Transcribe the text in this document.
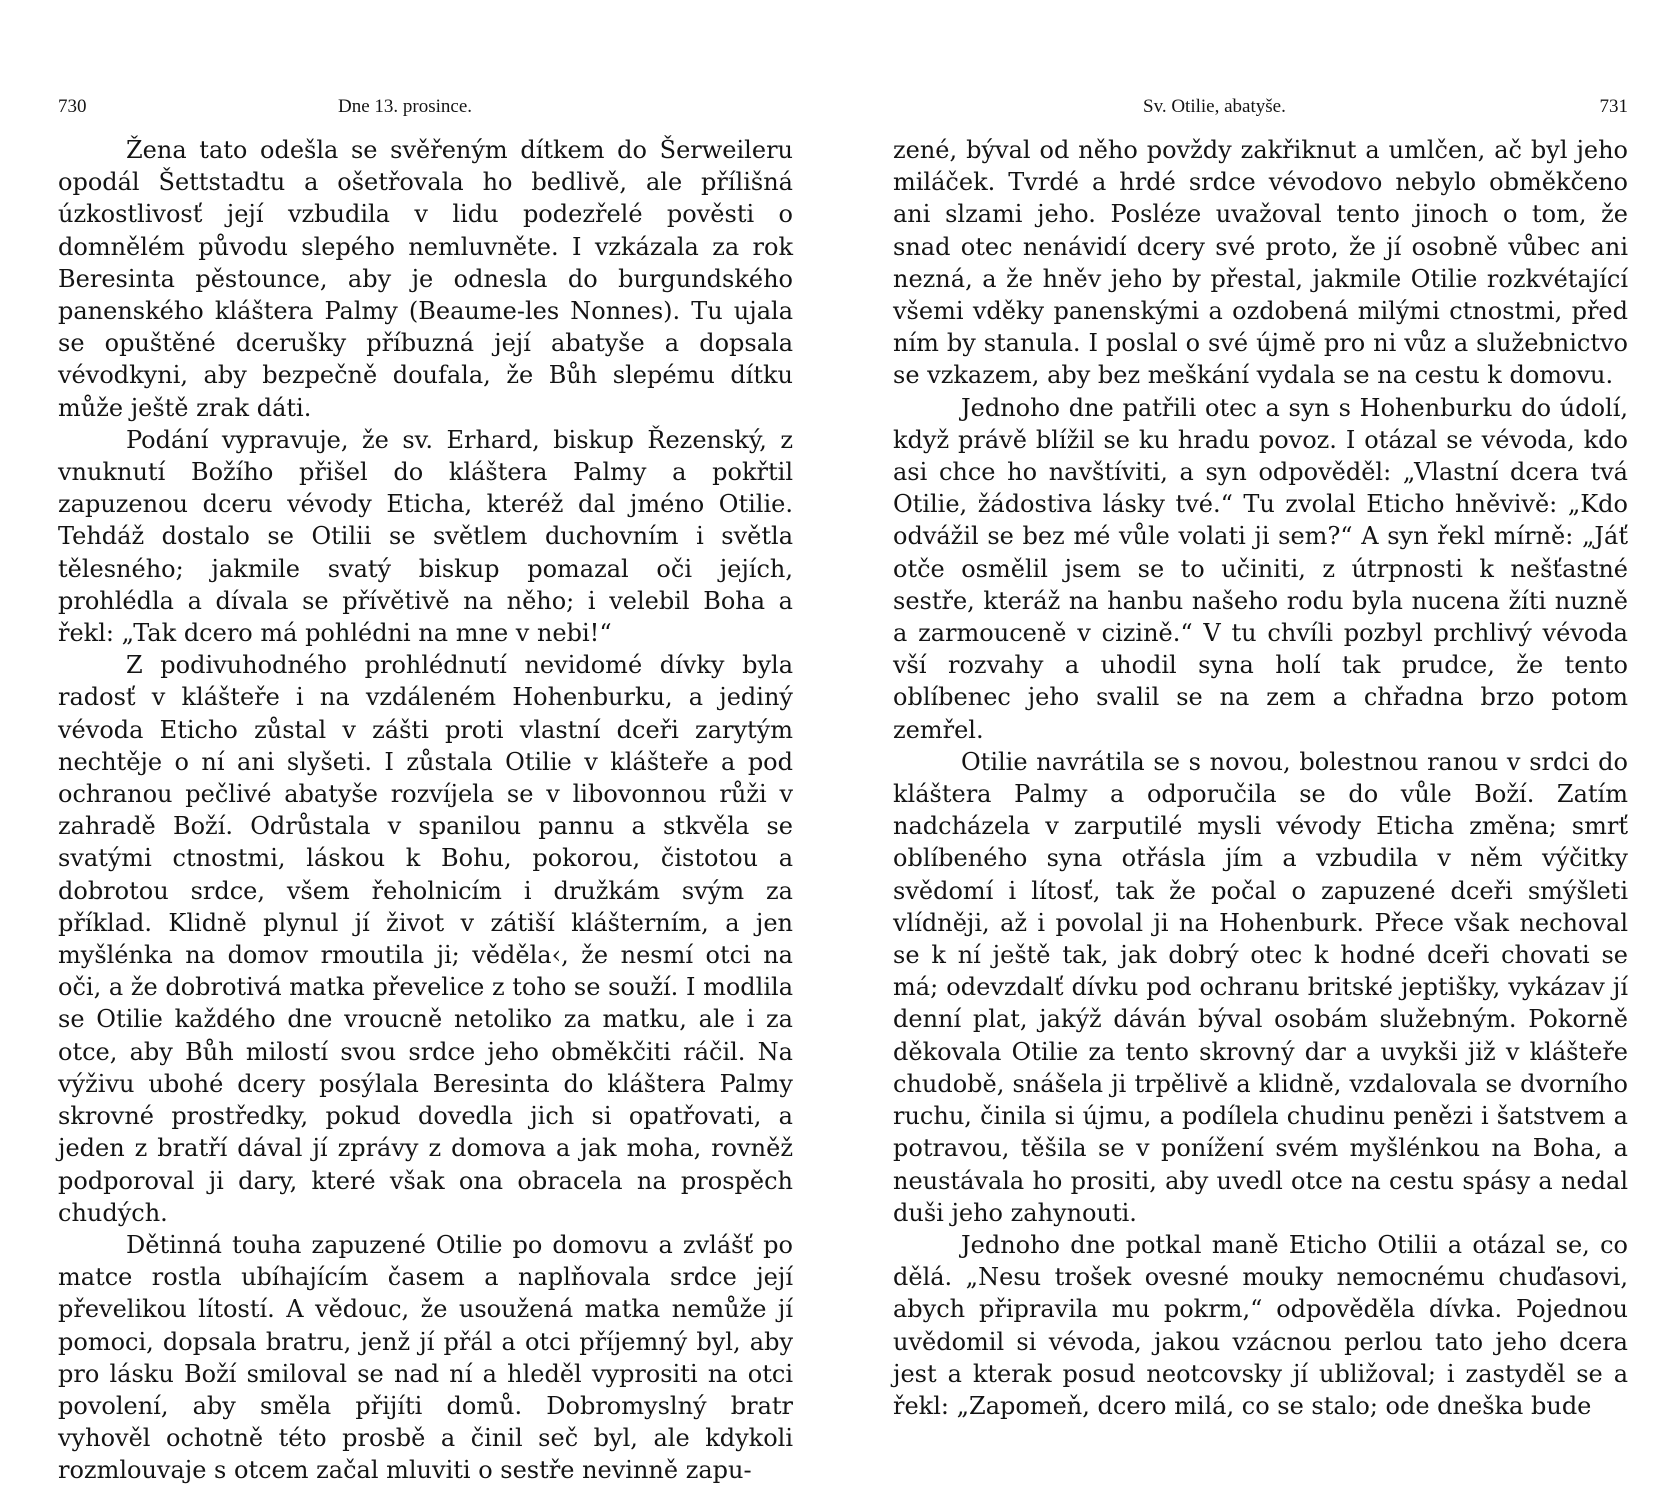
730	Dne 13. prosince.

Žena tato odešla se svěřeným dítkem do Šerweileru opodál Šettstadtu a ošetřovala ho bedlivě, ale přílišná úzkostlivosť její vzbudila v lidu podezřelé pověsti o domnělém původu slepého nemluvněte. I vzkázala za rok Beresinta pěstounce, aby je odnesla do burgundského panenského kláštera Palmy (Beaume-les Nonnes). Tu ujala se opuštěné dcerušky příbuzná její abatyše a dopsala vévodkyni, aby bezpečně doufala, že Bůh slepému dítku může ještě zrak dáti.

Podání vypravuje, že sv. Erhard, biskup Řezenský, z vnuknutí Božího přišel do kláštera Palmy a pokřtil zapuzenou dceru vévody Eticha, kteréž dal jméno Otilie. Tehdáž dostalo se Otilii se světlem duchovním i světla tělesného; jakmile svatý biskup pomazal oči jejích, prohlédla a dívala se přívětivě na něho; i velebil Boha a řekl: „Tak dcero má pohlédni na mne v nebi!“

Z podivuhodného prohlédnutí nevidomé dívky byla radosť v klášteře i na vzdáleném Hohenburku, a jediný vévoda Eticho zůstal v zášti proti vlastní dceři zarytým nechtěje o ní ani slyšeti. I zůstala Otilie v klášteře a pod ochranou pečlivé abatyše rozvíjela se v libovonnou růži v zahradě Boží. Odrůstala v spanilou pannu a stkvěla se svatými ctnostmi, láskou k Bohu, pokorou, čistotou a dobrotou srdce, všem řeholnicím i družkám svým za příklad. Klidně plynul jí život v zátiší klášterním, a jen myšlénka na domov rmoutila ji; věděla‹, že nesmí otci na oči, a že dobrotivá matka převelice z toho se souží. I modlila se Otilie každého dne vroucně netoliko za matku, ale i za otce, aby Bůh milostí svou srdce jeho obměkčiti ráčil. Na výživu ubohé dcery posýlala Beresinta do kláštera Palmy skrovné prostředky, pokud dovedla jich si opatřovati, a jeden z bratří dával jí zprávy z domova a jak moha, rovněž podporoval ji dary, které však ona obracela na prospěch chudých.

Dětinná touha zapuzené Otilie po domovu a zvlášť po matce rostla ubíhajícím časem a naplňovala srdce její převelikou lítostí. A vědouc, že usoužená matka nemůže jí pomoci, dopsala bratru, jenž jí přál a otci příjemný byl, aby pro lásku Boží smiloval se nad ní a hleděl vyprositi na otci povolení, aby směla přijíti domů. Dobromyslný bratr vyhověl ochotně této prosbě a činil seč byl, ale kdykoli rozmlouvaje s otcem začal mluviti o sestře nevinně zapu-

Sv. Otilie, abatyše.	731

zené, býval od něho povždy zakřiknut a umlčen, ač byl jeho miláček. Tvrdé a hrdé srdce vévodovo nebylo obměkčeno ani slzami jeho. Posléze uvažoval tento jinoch o tom, že snad otec nenávidí dcery své proto, že jí osobně vůbec ani nezná, a že hněv jeho by přestal, jakmile Otilie rozkvétající všemi vděky panenskými a ozdobená milými ctnostmi, před ním by stanula. I poslal o své újmě pro ni vůz a služebnictvo se vzkazem, aby bez meškání vydala se na cestu k domovu.

Jednoho dne patřili otec a syn s Hohenburku do údolí, když právě blížil se ku hradu povoz. I otázal se vévoda, kdo asi chce ho navštíviti, a syn odpověděl: „Vlastní dcera tvá Otilie, žádostiva lásky tvé.“ Tu zvolal Eticho hněvivě: „Kdo odvážil se bez mé vůle volati ji sem?“ A syn řekl mírně: „Jáť otče osmělil jsem se to učiniti, z útrpnosti k nešťastné sestře, kteráž na hanbu našeho rodu byla nucena žíti nuzně a zarmouceně v cizině.“ V tu chvíli pozbyl prchlivý vévoda vší rozvahy a uhodil syna holí tak prudce, že tento oblíbenec jeho svalil se na zem a chřadna brzo potom zemřel.

Otilie navrátila se s novou, bolestnou ranou v srdci do kláštera Palmy a odporučila se do vůle Boží. Zatím nadcházela v zarputilé mysli vévody Eticha změna; smrť oblíbeného syna otřásla jím a vzbudila v něm výčitky svědomí i lítosť, tak že počal o zapuzené dceři smýšleti vlídněji, až i povolal ji na Hohenburk. Přece však nechoval se k ní ještě tak, jak dobrý otec k hodné dceři chovati se má; odevzdalť dívku pod ochranu britské jeptišky, vykázav jí denní plat, jakýž dáván býval osobám služebným. Pokorně děkovala Otilie za tento skrovný dar a uvykši již v klášteře chudobě, snášela ji trpělivě a klidně, vzdalovala se dvorního ruchu, činila si újmu, a podílela chudinu penězi i šatstvem a potravou, těšila se v ponížení svém myšlénkou na Boha, a neustávala ho prositi, aby uvedl otce na cestu spásy a nedal duši jeho zahynouti.

Jednoho dne potkal maně Eticho Otilii a otázal se, co dělá. „Nesu trošek ovesné mouky nemocnému chuďasovi, abych připravila mu pokrm,“ odpověděla dívka. Pojednou uvědomil si vévoda, jakou vzácnou perlou tato jeho dcera jest a kterak posud neotcovsky jí ubližoval; i zastyděl se a řekl: „Zapomeň, dcero milá, co se stalo; ode dneška bude
